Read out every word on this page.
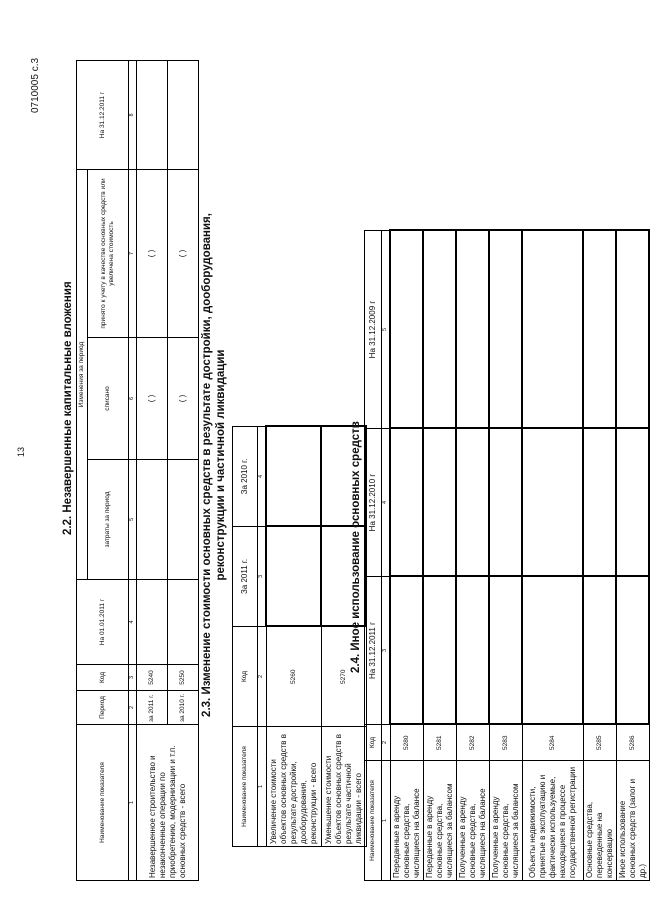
13
0710005 с.3
2.2. Незавершенные капитальные вложения
Наименование показателя	Период	Код	На 01.01.2011 г	Изменения за период			На 31.12.2011 г
				затраты за период	списано	принято к учету в качестве основных средств или увеличена стоимость	
1	2	3	4	5	6	7	8
Незавершенное строительство и незаконченные операции по приобретению, модернизации и т.п. основных средств - всего	за 2011 г.	5240			( )	( )	
	за 2010 г.	5250			( )	( )	2.3. Изменение стоимости основных средств в результате достройки, дооборудования, реконструкции и частичной ликвидации
Наименование показателя	Код	За 2011 г.	За 2010 г.
1	2	3	4
Увеличение стоимости объектов основных средств в результате достройки, дооборудования, реконструкции - всего	5260		
Уменьшение стоимости объектов основных средств в результате частичной ликвидации - всего	5270		
2.4. Иное использование основных средств
Наименование показателя	Код	На 31.12.2011 г	На 31.12.2010 г	На 31.12.2009 г
1	2	3	4	5
Переданные в аренду основные средства, числящиеся на балансе	5280			
Переданные в аренду основные средства, числящиеся за балансом	5281			
Полученные в аренду основные средства, числящиеся на балансе	5282			
Полученные в аренду основные средства, числящиеся за балансом	5283			
Объекты недвижимости, принятые в эксплуатацию и фактически используемые, находящиеся в процессе государственной регистрации	5284			
Основные средства, переведенные на консервацию	5285			
Иное использование основных средств (залог и др.)	5286			
